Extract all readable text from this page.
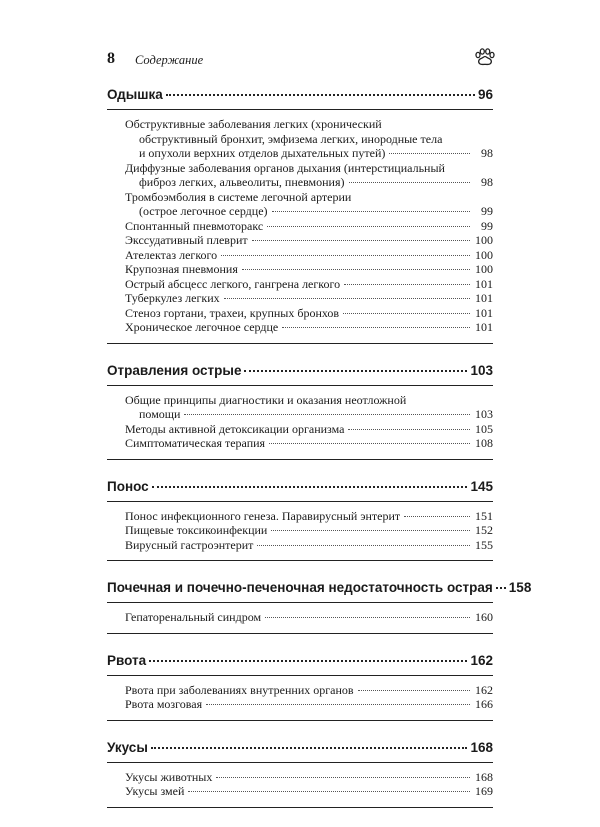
8 Содержание
Одышка	96
Обструктивные заболевания легких (хронический
обструктивный бронхит, эмфизема легких, инородные тела
и опухоли верхних отделов дыхательных путей)	98
Диффузные заболевания органов дыхания (интерстициальный
фиброз легких, альвеолиты, пневмония)	98
Тромбоэмболия в системе легочной артерии
(острое легочное сердце)	99
Спонтанный пневмоторакс	99
Экссудативный плеврит	100
Ателектаз легкого	100
Крупозная пневмония	100
Острый абсцесс легкого, гангрена легкого	101
Туберкулез легких	101
Стеноз гортани, трахеи, крупных бронхов	101
Хроническое легочное сердце	101
Отравления острые	103
Общие принципы диагностики и оказания неотложной
помощи	103
Методы активной детоксикации организма	105
Симптоматическая терапия	108
Понос	145
Понос инфекционного генеза. Паравирусный энтерит	151
Пищевые токсикоинфекции	152
Вирусный гастроэнтерит	155
Почечная и почечно-печеночная недостаточность острая 158
Гепаторенальный синдром	160
Рвота	162
Рвота при заболеваниях внутренних органов	162
Рвота мозговая	166
Укусы	168
Укусы животных	168
Укусы змей	169
